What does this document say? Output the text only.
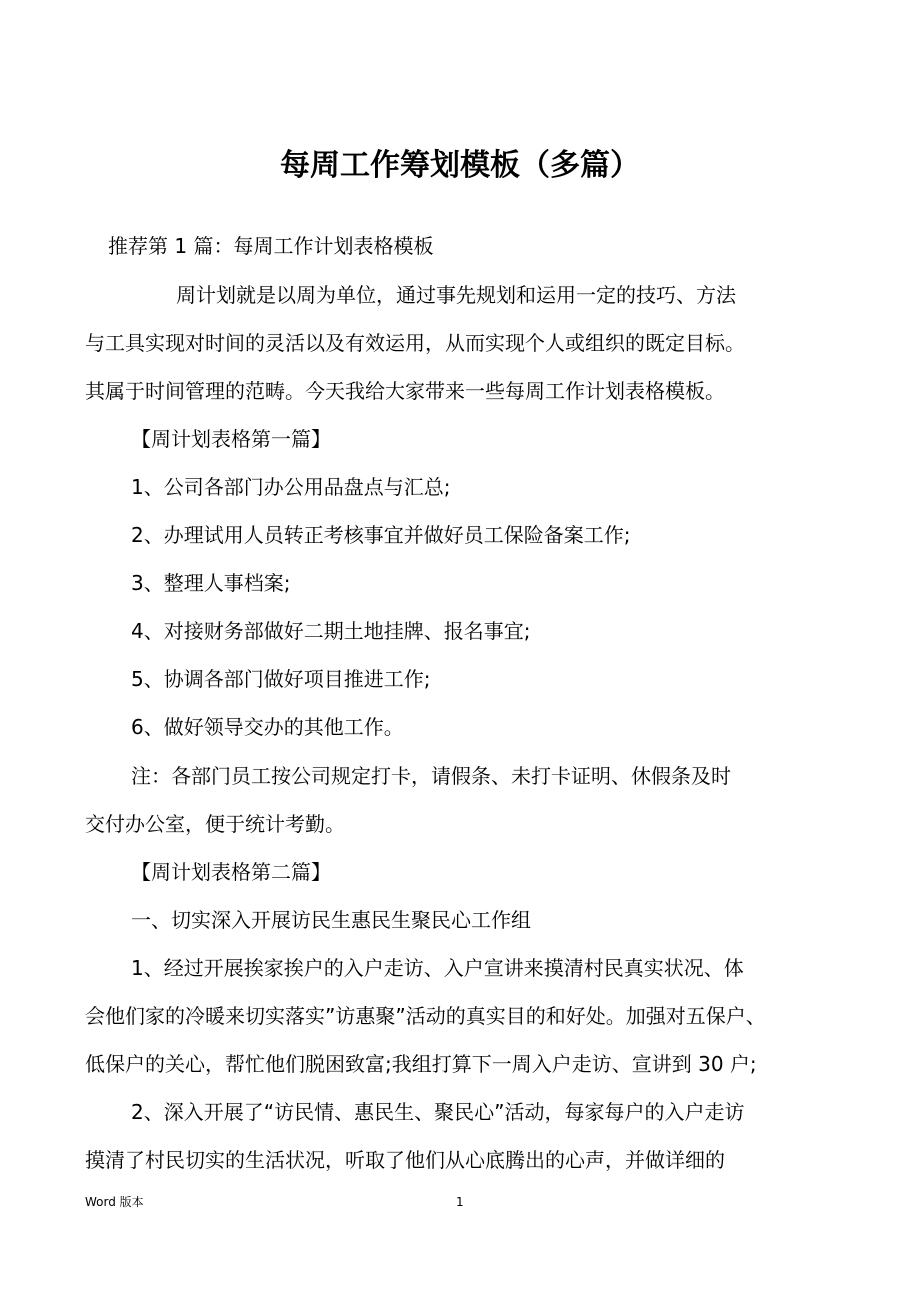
每周工作筹划模板（多篇）

推荐第 1 篇：每周工作计划表格模板

周计划就是以周为单位，通过事先规划和运用一定的技巧、方法

与工具实现对时间的灵活以及有效运用，从而实现个人或组织的既定目标。

其属于时间管理的范畴。今天我给大家带来一些每周工作计划表格模板。

【周计划表格第一篇】

1、公司各部门办公用品盘点与汇总;

2、办理试用人员转正考核事宜并做好员工保险备案工作;

3、整理人事档案;

4、对接财务部做好二期土地挂牌、报名事宜;

5、协调各部门做好项目推进工作;

6、做好领导交办的其他工作。

注：各部门员工按公司规定打卡，请假条、未打卡证明、休假条及时

交付办公室，便于统计考勤。

【周计划表格第二篇】

一、切实深入开展访民生惠民生聚民心工作组

1、经过开展挨家挨户的入户走访、入户宣讲来摸清村民真实状况、体

会他们家的冷暖来切实落实”访惠聚”活动的真实目的和好处。加强对五保户、

低保户的关心，帮忙他们脱困致富;我组打算下一周入户走访、宣讲到 30 户;

2、深入开展了“访民情、惠民生、聚民心”活动，每家每户的入户走访

摸清了村民切实的生活状况，听取了他们从心底腾出的心声，并做详细的

Word 版本	1
